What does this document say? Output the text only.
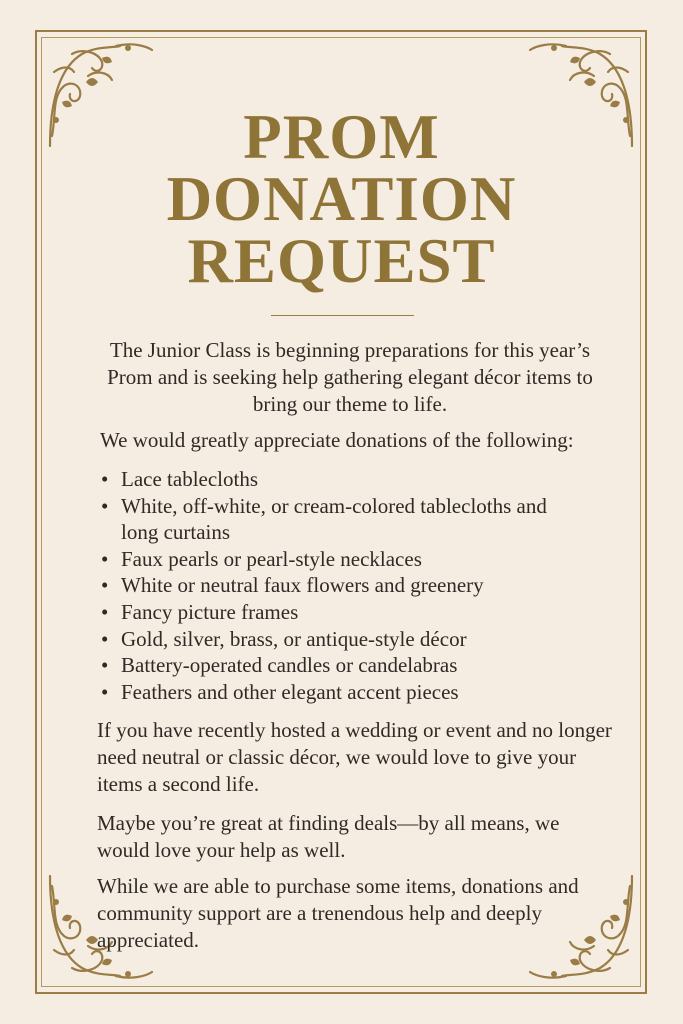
PROM
DONATION
REQUEST

The Junior Class is beginning preparations for this year’s Prom and is seeking help gathering elegant décor items to bring our theme to life.

We would greatly appreciate donations of the following:

• Lace tablecloths
• White, off-white, or cream-colored tablecloths and long curtains
• Faux pearls or pearl-style necklaces
• White or neutral faux flowers and greenery
• Fancy picture frames
• Gold, silver, brass, or antique-style décor
• Battery-operated candles or candelabras
• Feathers and other elegant accent pieces

If you have recently hosted a wedding or event and no longer need neutral or classic décor, we would love to give your items a second life.

Maybe you’re great at finding deals—by all means, we would love your help as well.

While we are able to purchase some items, donations and community support are a trenendous help and deeply appreciated.
